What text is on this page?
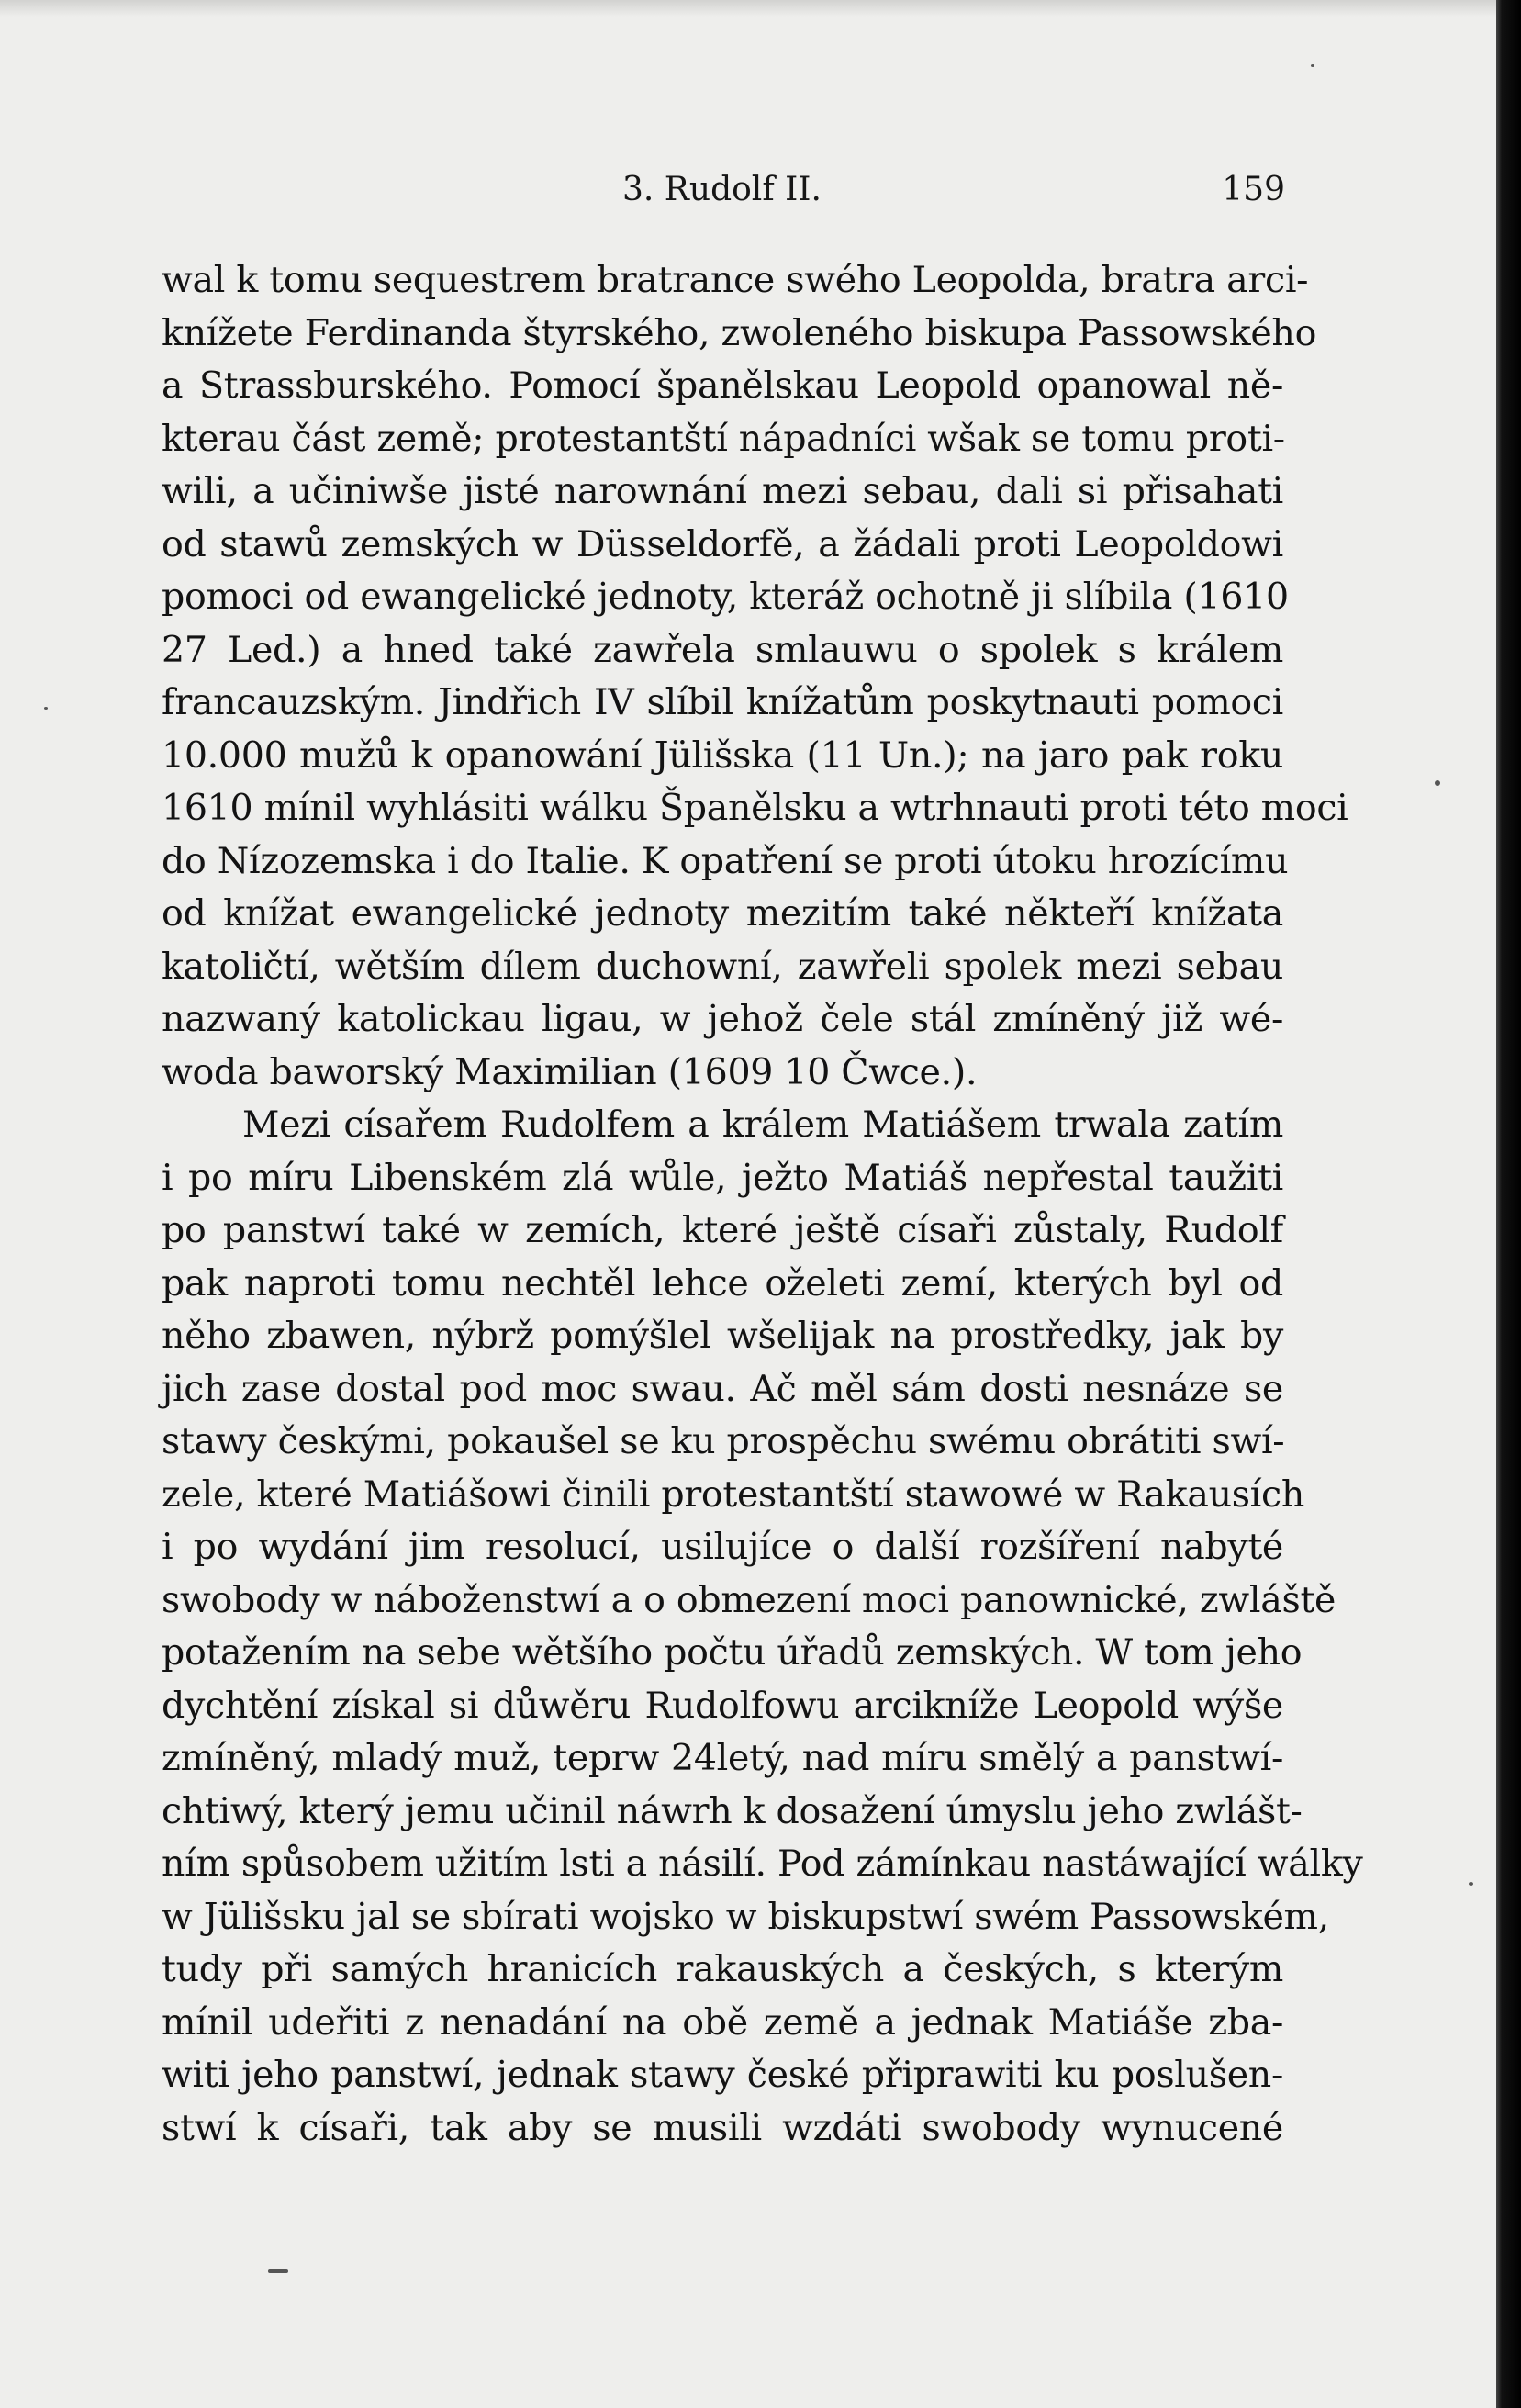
3. Rudolf II.	159
wal k tomu sequestrem bratrance swého Leopolda, bratra arci-
knížete Ferdinanda štyrského, zwoleného biskupa Passowského
a Strassburského. Pomocí španělskau Leopold opanowal ně-
kterau část země; protestantští nápadníci wšak se tomu proti-
wili, a učiniwše jisté narownání mezi sebau, dali si přisahati
od stawů zemských w Düsseldorfě, a žádali proti Leopoldowi
pomoci od ewangelické jednoty, kteráž ochotně ji slíbila (1610
27 Led.) a hned také zawřela smlauwu o spolek s králem
francauzským. Jindřich IV slíbil knížatům poskytnauti pomoci
10.000 mužů k opanowání Jülišska (11 Un.); na jaro pak roku
1610 mínil wyhlásiti wálku Španělsku a wtrhnauti proti této moci
do Nízozemska i do Italie. K opatření se proti útoku hrozícímu
od knížat ewangelické jednoty mezitím také někteří knížata
katoličtí, wětším dílem duchowní, zawřeli spolek mezi sebau
nazwaný katolickau ligau, w jehož čele stál zmíněný již wé-
woda baworský Maximilian (1609 10 Čwce.).
Mezi císařem Rudolfem a králem Matiášem trwala zatím
i po míru Libenském zlá wůle, ježto Matiáš nepřestal taužiti
po panstwí také w zemích, které ještě císaři zůstaly, Rudolf
pak naproti tomu nechtěl lehce oželeti zemí, kterých byl od
něho zbawen, nýbrž pomýšlel wšelijak na prostředky, jak by
jich zase dostal pod moc swau. Ač měl sám dosti nesnáze se
stawy českými, pokaušel se ku prospěchu swému obrátiti swí-
zele, které Matiášowi činili protestantští stawowé w Rakausích
i po wydání jim resolucí, usilujíce o další rozšíření nabyté
swobody w náboženstwí a o obmezení moci panownické, zwláště
potažením na sebe wětšího počtu úřadů zemských. W tom jeho
dychtění získal si důwěru Rudolfowu arcikníže Leopold wýše
zmíněný, mladý muž, teprw 24letý, nad míru smělý a panstwí-
chtiwý, který jemu učinil náwrh k dosažení úmyslu jeho zwlášt-
ním spůsobem užitím lsti a násilí. Pod zámínkau nastáwající wálky
w Jülišsku jal se sbírati wojsko w biskupstwí swém Passowském,
tudy při samých hranicích rakauských a českých, s kterým
mínil udeřiti z nenadání na obě země a jednak Matiáše zba-
witi jeho panstwí, jednak stawy české připrawiti ku poslušen-
stwí k císaři, tak aby se musili wzdáti swobody wynucené
